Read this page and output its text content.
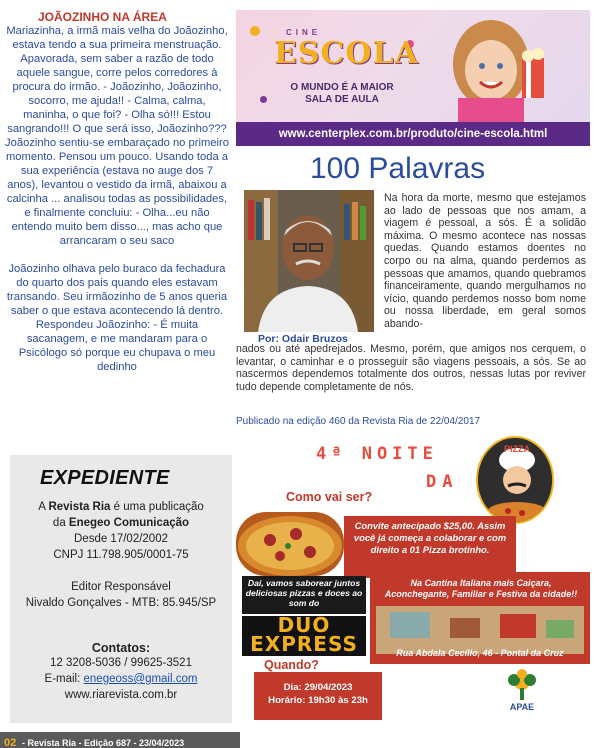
JOÃOZINHO NA ÁREA

Mariazinha, a irmã mais velha do Joãozinho, estava tendo a sua primeira menstruação. Apavorada, sem saber a razão de todo aquele sangue, corre pelos corredores à procura do irmão. - Joãozinho, Joãozinho, socorro, me ajuda!! - Calma, calma, maninha, o que foi? - Olha só!!! Estou sangrando!!! O que será isso, Joãozinho??? Joãozinho sentiu-se embaraçado no primeiro momento. Pensou um pouco. Usando toda a sua experiência (estava no auge dos 7 anos), levantou o vestido da irmã, abaixou a calcinha ... analisou todas as possibilidades, e finalmente concluiu: - Olha...eu não entendo muito bem disso..., mas acho que arrancaram o seu saco

Joãozinho olhava pelo buraco da fechadura do quarto dos pais quando eles estavam transando. Seu irmãozinho de 5 anos queria saber o que estava acontecendo lá dentro. Respondeu Joãozinho: - É muita sacanagem, e me mandaram para o Psicólogo só porque eu chupava o meu dedinho

EXPEDIENTE
A Revista Ria é uma publicação
da Enegeo Comunicação
Desde 17/02/2002
CNPJ 11.798.905/0001-75
Editor Responsável
Nivaldo Gonçalves - MTB: 85.945/SP
Contatos:
12 3208-5036 / 99625-3521
E-mail: enegeoss@gmail.com
www.riarevista.com.br
02 - Revista Ria - Edição 687 - 23/04/2023
CINE
ESCOLA
O MUNDO É A MAIOR SALA DE AULA
www.centerplex.com.br/produto/cine-escola.html
100 Palavras
Por: Odair Bruzos
Na hora da morte, mesmo que estejamos ao lado de pessoas que nos amam, a viagem é pessoal, a sós. É a solidão máxima. O mesmo acontece nas nossas quedas. Quando estamos doentes no corpo ou na alma, quando perdemos as pessoas que amamos, quando quebramos financeiramente, quando mergulhamos no vício, quando perdemos nosso bom nome ou nossa liberdade, em geral somos abando-
nados ou até apedrejados. Mesmo, porém, que amigos nos cerquem, o levantar, o caminhar e o prosseguir são viagens pessoais, a sós. Se ao nascermos dependemos totalmente dos outros, nessas lutas por reviver tudo depende completamente de nós.
Publicado na edição 460 da Revista Ria de 22/04/2017
4ª NOITE
DA
PIZZA
Como vai ser?
Convite antecipado $25,00. Assim você já começa a colaborar e com direito a 01 Pizza brotinho.
Daí, vamos saborear juntos deliciosas pizzas e doces ao som do
DUO
EXPRESS
Na Cantina Italiana mais Caiçara, Aconchegante, Familiar e Festiva da cidade!!
Rua Abdala Cecílio, 46 - Pontal da Cruz
Quando?
Dia: 29/04/2023
Horário: 19h30 às 23h
APAE
